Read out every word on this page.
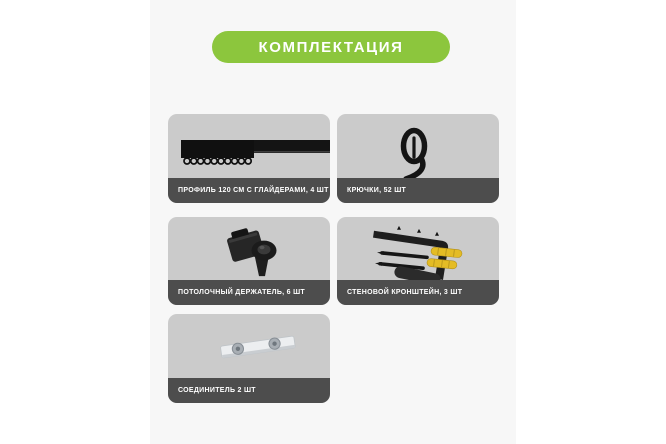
КОМПЛЕКТАЦИЯ
ПРОФИЛЬ 120 СМ С ГЛАЙДЕРАМИ, 4 ШТ	КРЮЧКИ, 52 ШТ
ПОТОЛОЧНЫЙ ДЕРЖАТЕЛЬ, 6 ШТ	СТЕНОВОЙ КРОНШТЕЙН, 3 ШТ
СОЕДИНИТЕЛЬ 2 ШТ
